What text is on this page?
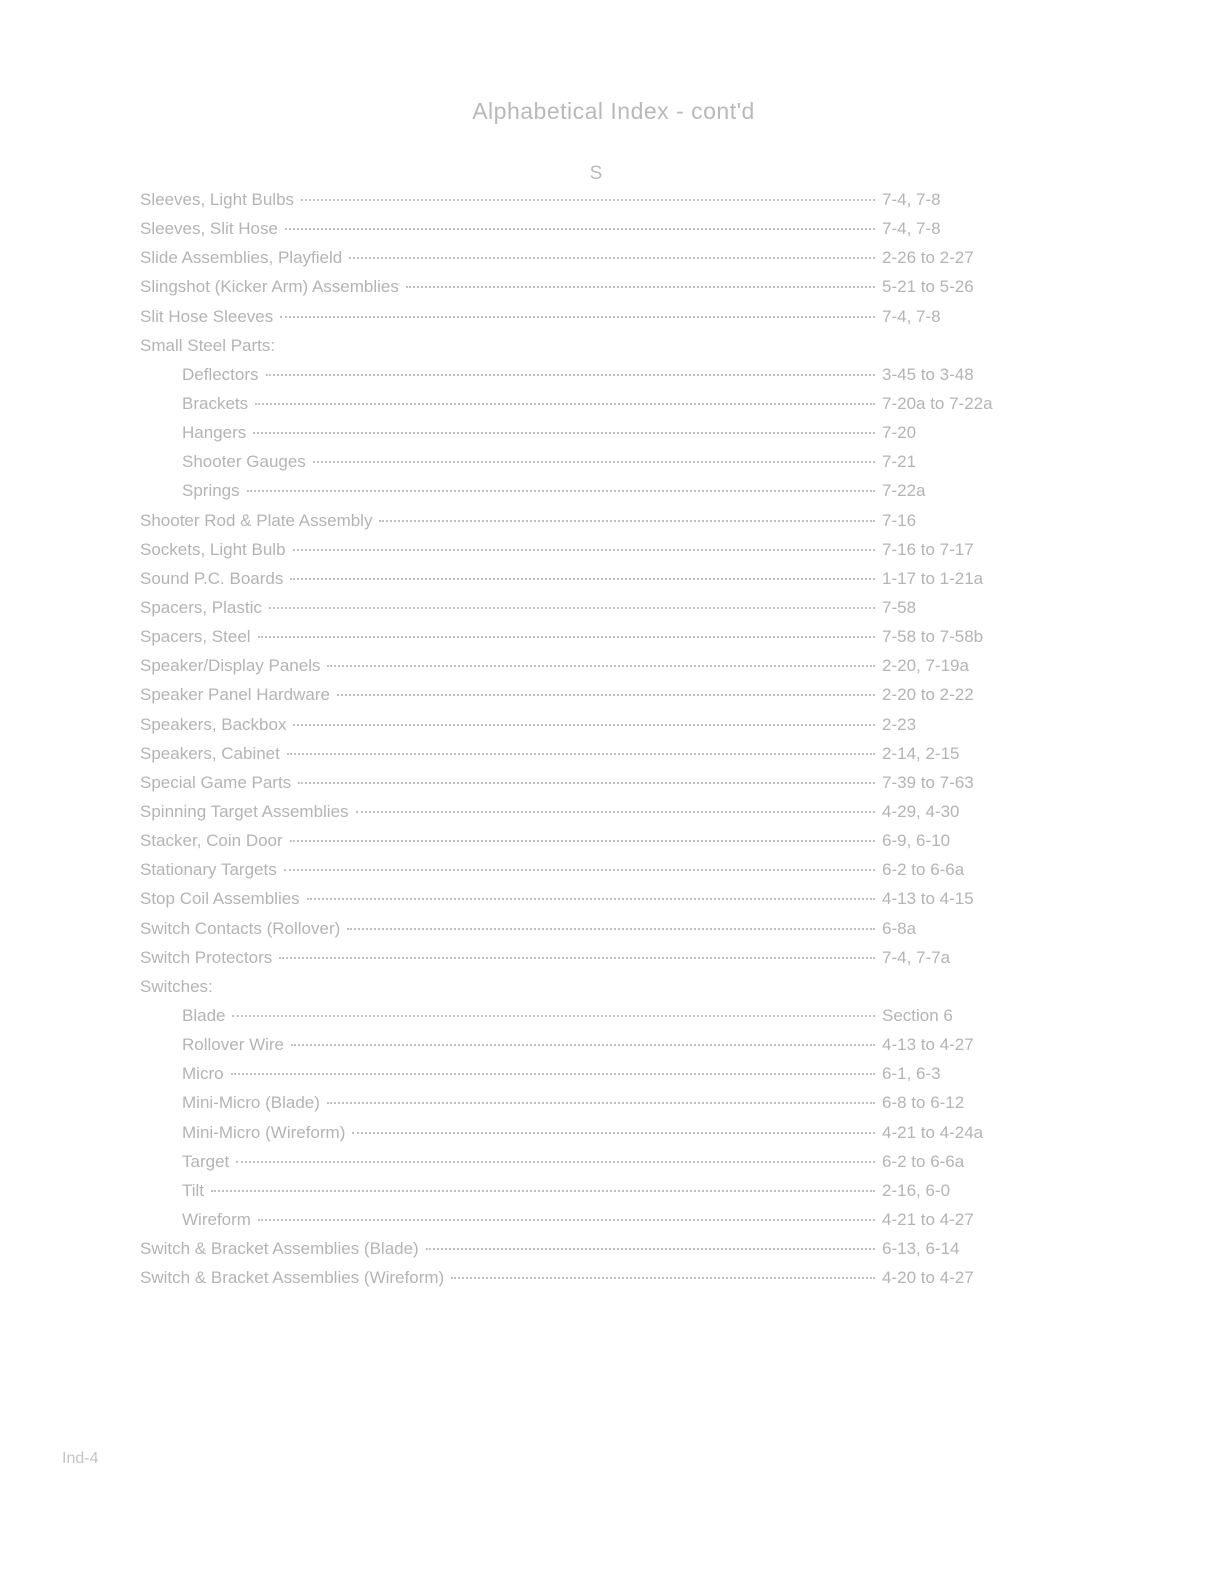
Alphabetical Index - cont'd
S
Sleeves, Light Bulbs	7-4, 7-8
Sleeves, Slit Hose	7-4, 7-8
Slide Assemblies, Playfield	2-26 to 2-27
Slingshot (Kicker Arm) Assemblies	5-21 to 5-26
Slit Hose Sleeves	7-4, 7-8
Small Steel Parts:
Deflectors	3-45 to 3-48
Brackets	7-20a to 7-22a
Hangers	7-20
Shooter Gauges	7-21
Springs	7-22a
Shooter Rod & Plate Assembly	7-16
Sockets, Light Bulb	7-16 to 7-17
Sound P.C. Boards	1-17 to 1-21a
Spacers, Plastic	7-58
Spacers, Steel	7-58 to 7-58b
Speaker/Display Panels	2-20, 7-19a
Speaker Panel Hardware	2-20 to 2-22
Speakers, Backbox	2-23
Speakers, Cabinet	2-14, 2-15
Special Game Parts	7-39 to 7-63
Spinning Target Assemblies	4-29, 4-30
Stacker, Coin Door	6-9, 6-10
Stationary Targets	6-2 to 6-6a
Stop Coil Assemblies	4-13 to 4-15
Switch Contacts (Rollover)	6-8a
Switch Protectors	7-4, 7-7a
Switches:
Blade	Section 6
Rollover Wire	4-13 to 4-27
Micro	6-1, 6-3
Mini-Micro (Blade)	6-8 to 6-12
Mini-Micro (Wireform)	4-21 to 4-24a
Target	6-2 to 6-6a
Tilt	2-16, 6-0
Wireform	4-21 to 4-27
Switch & Bracket Assemblies (Blade)	6-13, 6-14
Switch & Bracket Assemblies (Wireform)	4-20 to 4-27
Ind-4
